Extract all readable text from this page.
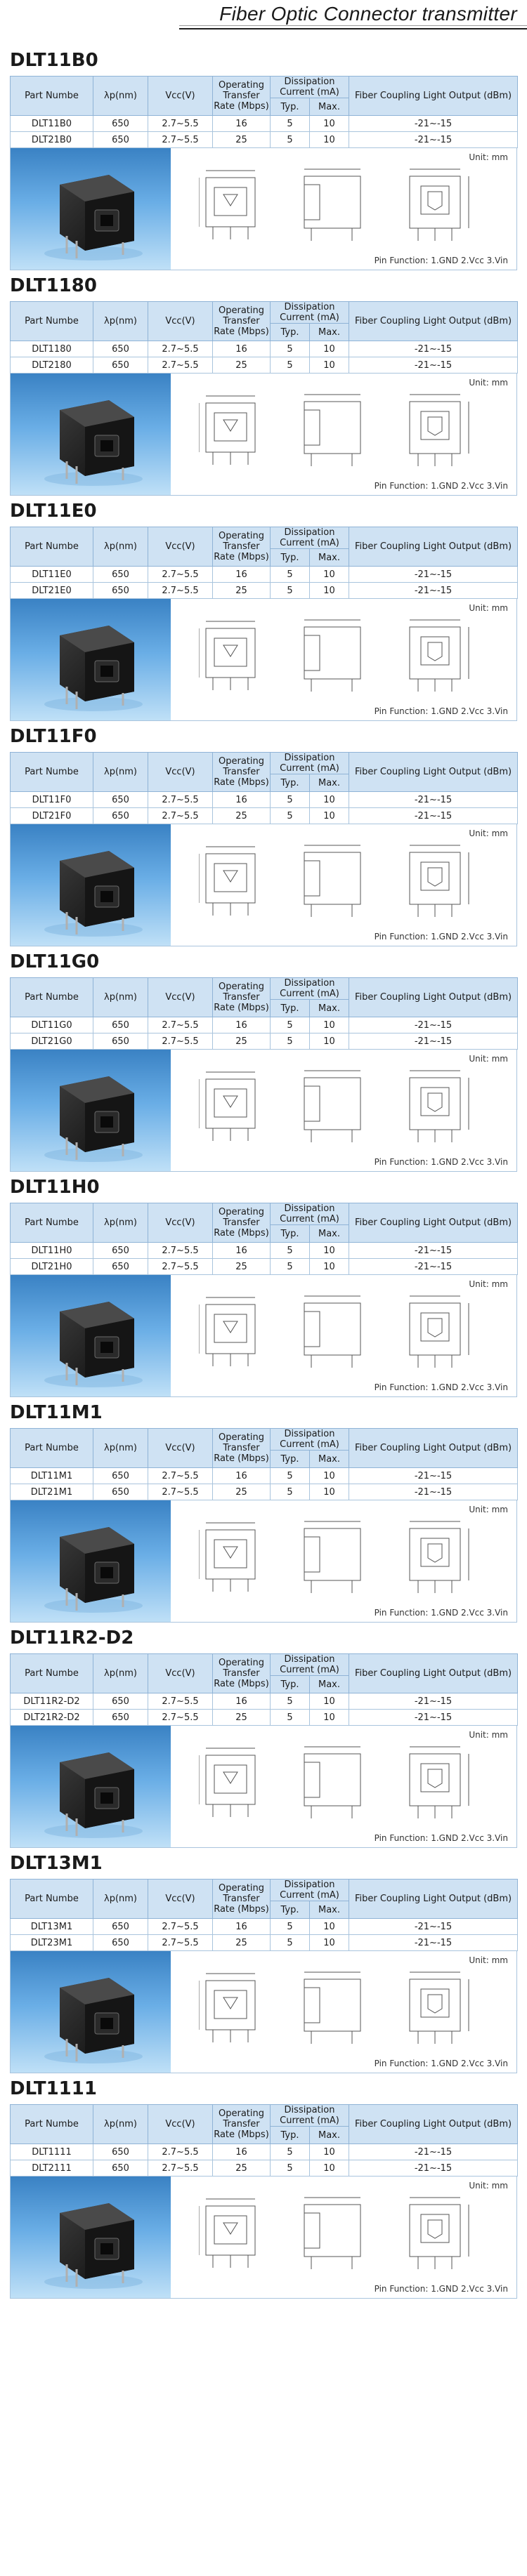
Fiber Optic Connector transmitter
DLT11B0
Part Numbe	λp(nm)	Vcc(V)	Operating Transfer Rate (Mbps)	Dissipation Current (mA)		Fiber Coupling Light Output (dBm)
				Typ.	Max.	
DLT11B0	650	2.7~5.5	16	5	10	-21~-15
DLT21B0	650	2.7~5.5	25	5	10	-21~-15
Unit: mm
Pin Function: 1.GND 2.Vcc 3.Vin
DLT1180
Part Numbe	λp(nm)	Vcc(V)	Operating Transfer Rate (Mbps)	Dissipation Current (mA)		Fiber Coupling Light Output (dBm)
				Typ.	Max.	
DLT1180	650	2.7~5.5	16	5	10	-21~-15
DLT2180	650	2.7~5.5	25	5	10	-21~-15
Unit: mm
Pin Function: 1.GND 2.Vcc 3.Vin
DLT11E0
Part Numbe	λp(nm)	Vcc(V)	Operating Transfer Rate (Mbps)	Dissipation Current (mA)		Fiber Coupling Light Output (dBm)
				Typ.	Max.	
DLT11E0	650	2.7~5.5	16	5	10	-21~-15
DLT21E0	650	2.7~5.5	25	5	10	-21~-15
Unit: mm
Pin Function: 1.GND 2.Vcc 3.Vin
DLT11F0
Part Numbe	λp(nm)	Vcc(V)	Operating Transfer Rate (Mbps)	Dissipation Current (mA)		Fiber Coupling Light Output (dBm)
				Typ.	Max.	
DLT11F0	650	2.7~5.5	16	5	10	-21~-15
DLT21F0	650	2.7~5.5	25	5	10	-21~-15
Unit: mm
Pin Function: 1.GND 2.Vcc 3.Vin
DLT11G0
Part Numbe	λp(nm)	Vcc(V)	Operating Transfer Rate (Mbps)	Dissipation Current (mA)		Fiber Coupling Light Output (dBm)
				Typ.	Max.	
DLT11G0	650	2.7~5.5	16	5	10	-21~-15
DLT21G0	650	2.7~5.5	25	5	10	-21~-15
Unit: mm
Pin Function: 1.GND 2.Vcc 3.Vin
DLT11H0
Part Numbe	λp(nm)	Vcc(V)	Operating Transfer Rate (Mbps)	Dissipation Current (mA)		Fiber Coupling Light Output (dBm)
				Typ.	Max.	
DLT11H0	650	2.7~5.5	16	5	10	-21~-15
DLT21H0	650	2.7~5.5	25	5	10	-21~-15
Unit: mm
Pin Function: 1.GND 2.Vcc 3.Vin
DLT11M1
Part Numbe	λp(nm)	Vcc(V)	Operating Transfer Rate (Mbps)	Dissipation Current (mA)		Fiber Coupling Light Output (dBm)
				Typ.	Max.	
DLT11M1	650	2.7~5.5	16	5	10	-21~-15
DLT21M1	650	2.7~5.5	25	5	10	-21~-15
Unit: mm
Pin Function: 1.GND 2.Vcc 3.Vin
DLT11R2-D2
Part Numbe	λp(nm)	Vcc(V)	Operating Transfer Rate (Mbps)	Dissipation Current (mA)		Fiber Coupling Light Output (dBm)
				Typ.	Max.	
DLT11R2-D2	650	2.7~5.5	16	5	10	-21~-15
DLT21R2-D2	650	2.7~5.5	25	5	10	-21~-15
Unit: mm
Pin Function: 1.GND 2.Vcc 3.Vin
DLT13M1
Part Numbe	λp(nm)	Vcc(V)	Operating Transfer Rate (Mbps)	Dissipation Current (mA)		Fiber Coupling Light Output (dBm)
				Typ.	Max.	
DLT13M1	650	2.7~5.5	16	5	10	-21~-15
DLT23M1	650	2.7~5.5	25	5	10	-21~-15
Unit: mm
Pin Function: 1.GND 2.Vcc 3.Vin
DLT1111
Part Numbe	λp(nm)	Vcc(V)	Operating Transfer Rate (Mbps)	Dissipation Current (mA)		Fiber Coupling Light Output (dBm)
				Typ.	Max.	
DLT1111	650	2.7~5.5	16	5	10	-21~-15
DLT2111	650	2.7~5.5	25	5	10	-21~-15
Unit: mm
Pin Function: 1.GND 2.Vcc 3.Vin
